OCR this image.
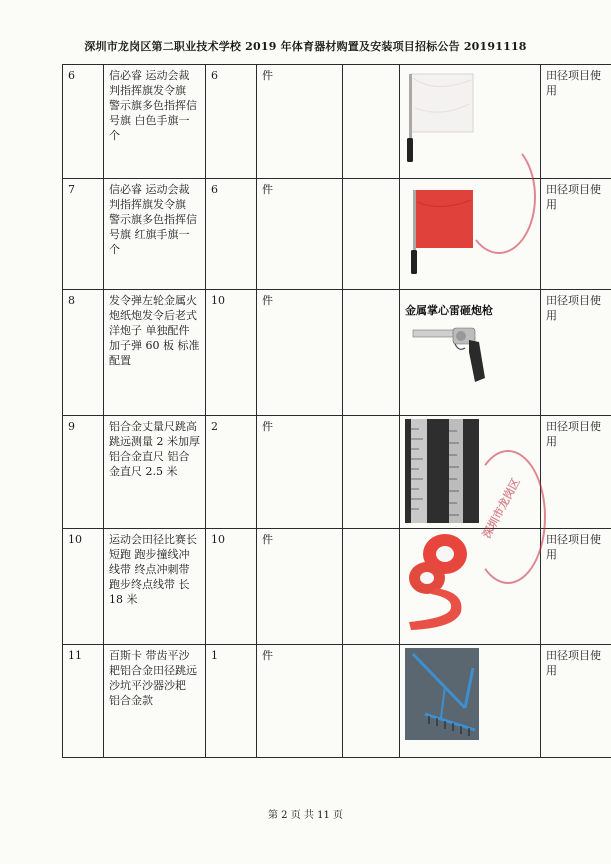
深圳市龙岗区第二职业技术学校 2019 年体育器材购置及安装项目招标公告 20191118
6	信必睿 运动会裁判指挥旗发令旗 警示旗多色指挥信号旗 白色手旗一个	6	件			田径项目使用
7	信必睿 运动会裁判指挥旗发令旗 警示旗多色指挥信号旗 红旗手旗一个	6	件			田径项目使用
8	发令弹左轮金属火炮纸炮发令后老式洋炮子 单独配件加子弹 60 板 标准配置	10	件		金属掌心雷砸炮枪	田径项目使用
9	铝合金丈量尺跳高跳远测量 2 米加厚铝合金直尺 铝合金直尺 2.5 米	2	件			田径项目使用
10	运动会田径比赛长短跑 跑步撞线冲线带 终点冲刺带 跑步终点线带 长 18 米	10	件			田径项目使用
11	百斯卡 带齿平沙耙铝合金田径跳远沙坑平沙器沙耙 铝合金款	1	件			田径项目使用
深圳市龙岗区
第 2 页 共 11 页
